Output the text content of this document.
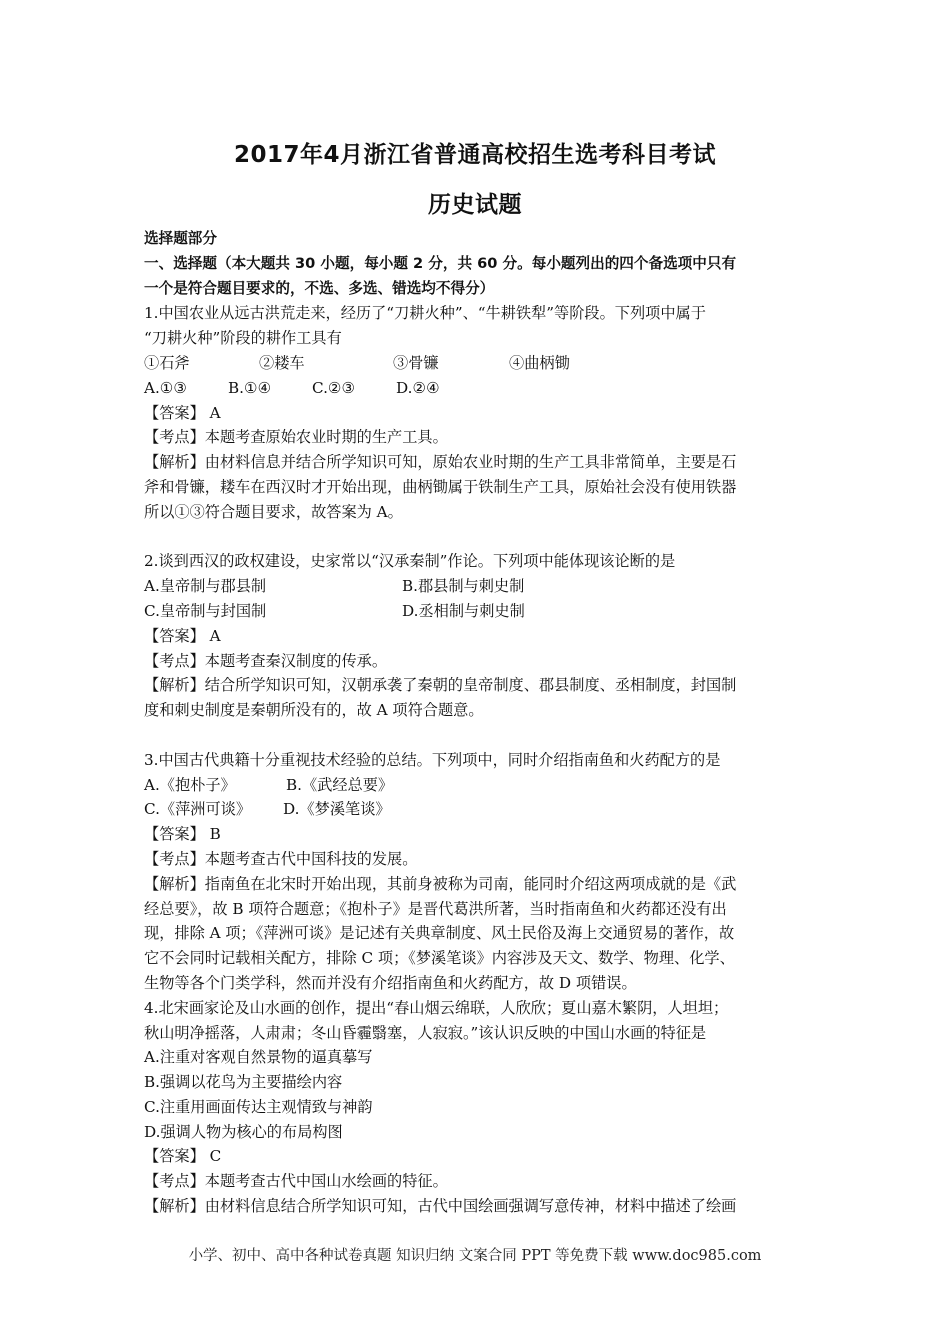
2017年4月浙江省普通高校招生选考科目考试
历史试题
选择题部分
一、选择题（本大题共 30 小题，每小题 2 分，共 60 分。每小题列出的四个备选项中只有
一个是符合题目要求的，不选、多选、错选均不得分）
1.中国农业从远古洪荒走来，经历了“刀耕火种”、“牛耕铁犁”等阶段。下列项中属于
“刀耕火种”阶段的耕作工具有
①石斧	②耧车	③骨镰	④曲柄锄
A.①③	B.①④	C.②③	D.②④
【答案】 A
【考点】本题考查原始农业时期的生产工具。
【解析】由材料信息并结合所学知识可知，原始农业时期的生产工具非常简单，主要是石
斧和骨镰，耧车在西汉时才开始出现，曲柄锄属于铁制生产工具，原始社会没有使用铁器
所以①③符合题目要求，故答案为 A。
2.谈到西汉的政权建设，史家常以“汉承秦制”作论。下列项中能体现该论断的是
A.皇帝制与郡县制	B.郡县制与刺史制
C.皇帝制与封国制	D.丞相制与刺史制
【答案】 A
【考点】本题考查秦汉制度的传承。
【解析】结合所学知识可知，汉朝承袭了秦朝的皇帝制度、郡县制度、丞相制度，封国制
度和刺史制度是秦朝所没有的，故 A 项符合题意。
3.中国古代典籍十分重视技术经验的总结。下列项中，同时介绍指南鱼和火药配方的是
A.《抱朴子》	B.《武经总要》
C.《萍洲可谈》	D.《梦溪笔谈》
【答案】 B
【考点】本题考查古代中国科技的发展。
【解析】指南鱼在北宋时开始出现，其前身被称为司南，能同时介绍这两项成就的是《武
经总要》，故 B 项符合题意；《抱朴子》是晋代葛洪所著，当时指南鱼和火药都还没有出
现，排除 A 项；《萍洲可谈》是记述有关典章制度、风土民俗及海上交通贸易的著作，故
它不会同时记载相关配方，排除 C 项；《梦溪笔谈》内容涉及天文、数学、物理、化学、
生物等各个门类学科，然而并没有介绍指南鱼和火药配方，故 D 项错误。
4.北宋画家论及山水画的创作，提出“春山烟云绵联，人欣欣；夏山嘉木繁阴，人坦坦；
秋山明净摇落，人肃肃；冬山昏霾翳塞，人寂寂。”该认识反映的中国山水画的特征是
A.注重对客观自然景物的逼真摹写
B.强调以花鸟为主要描绘内容
C.注重用画面传达主观情致与神韵
D.强调人物为核心的布局构图
【答案】 C
【考点】本题考查古代中国山水绘画的特征。
【解析】由材料信息结合所学知识可知，古代中国绘画强调写意传神，材料中描述了绘画
小学、初中、高中各种试卷真题 知识归纳 文案合同 PPT 等免费下载 www.doc985.com
